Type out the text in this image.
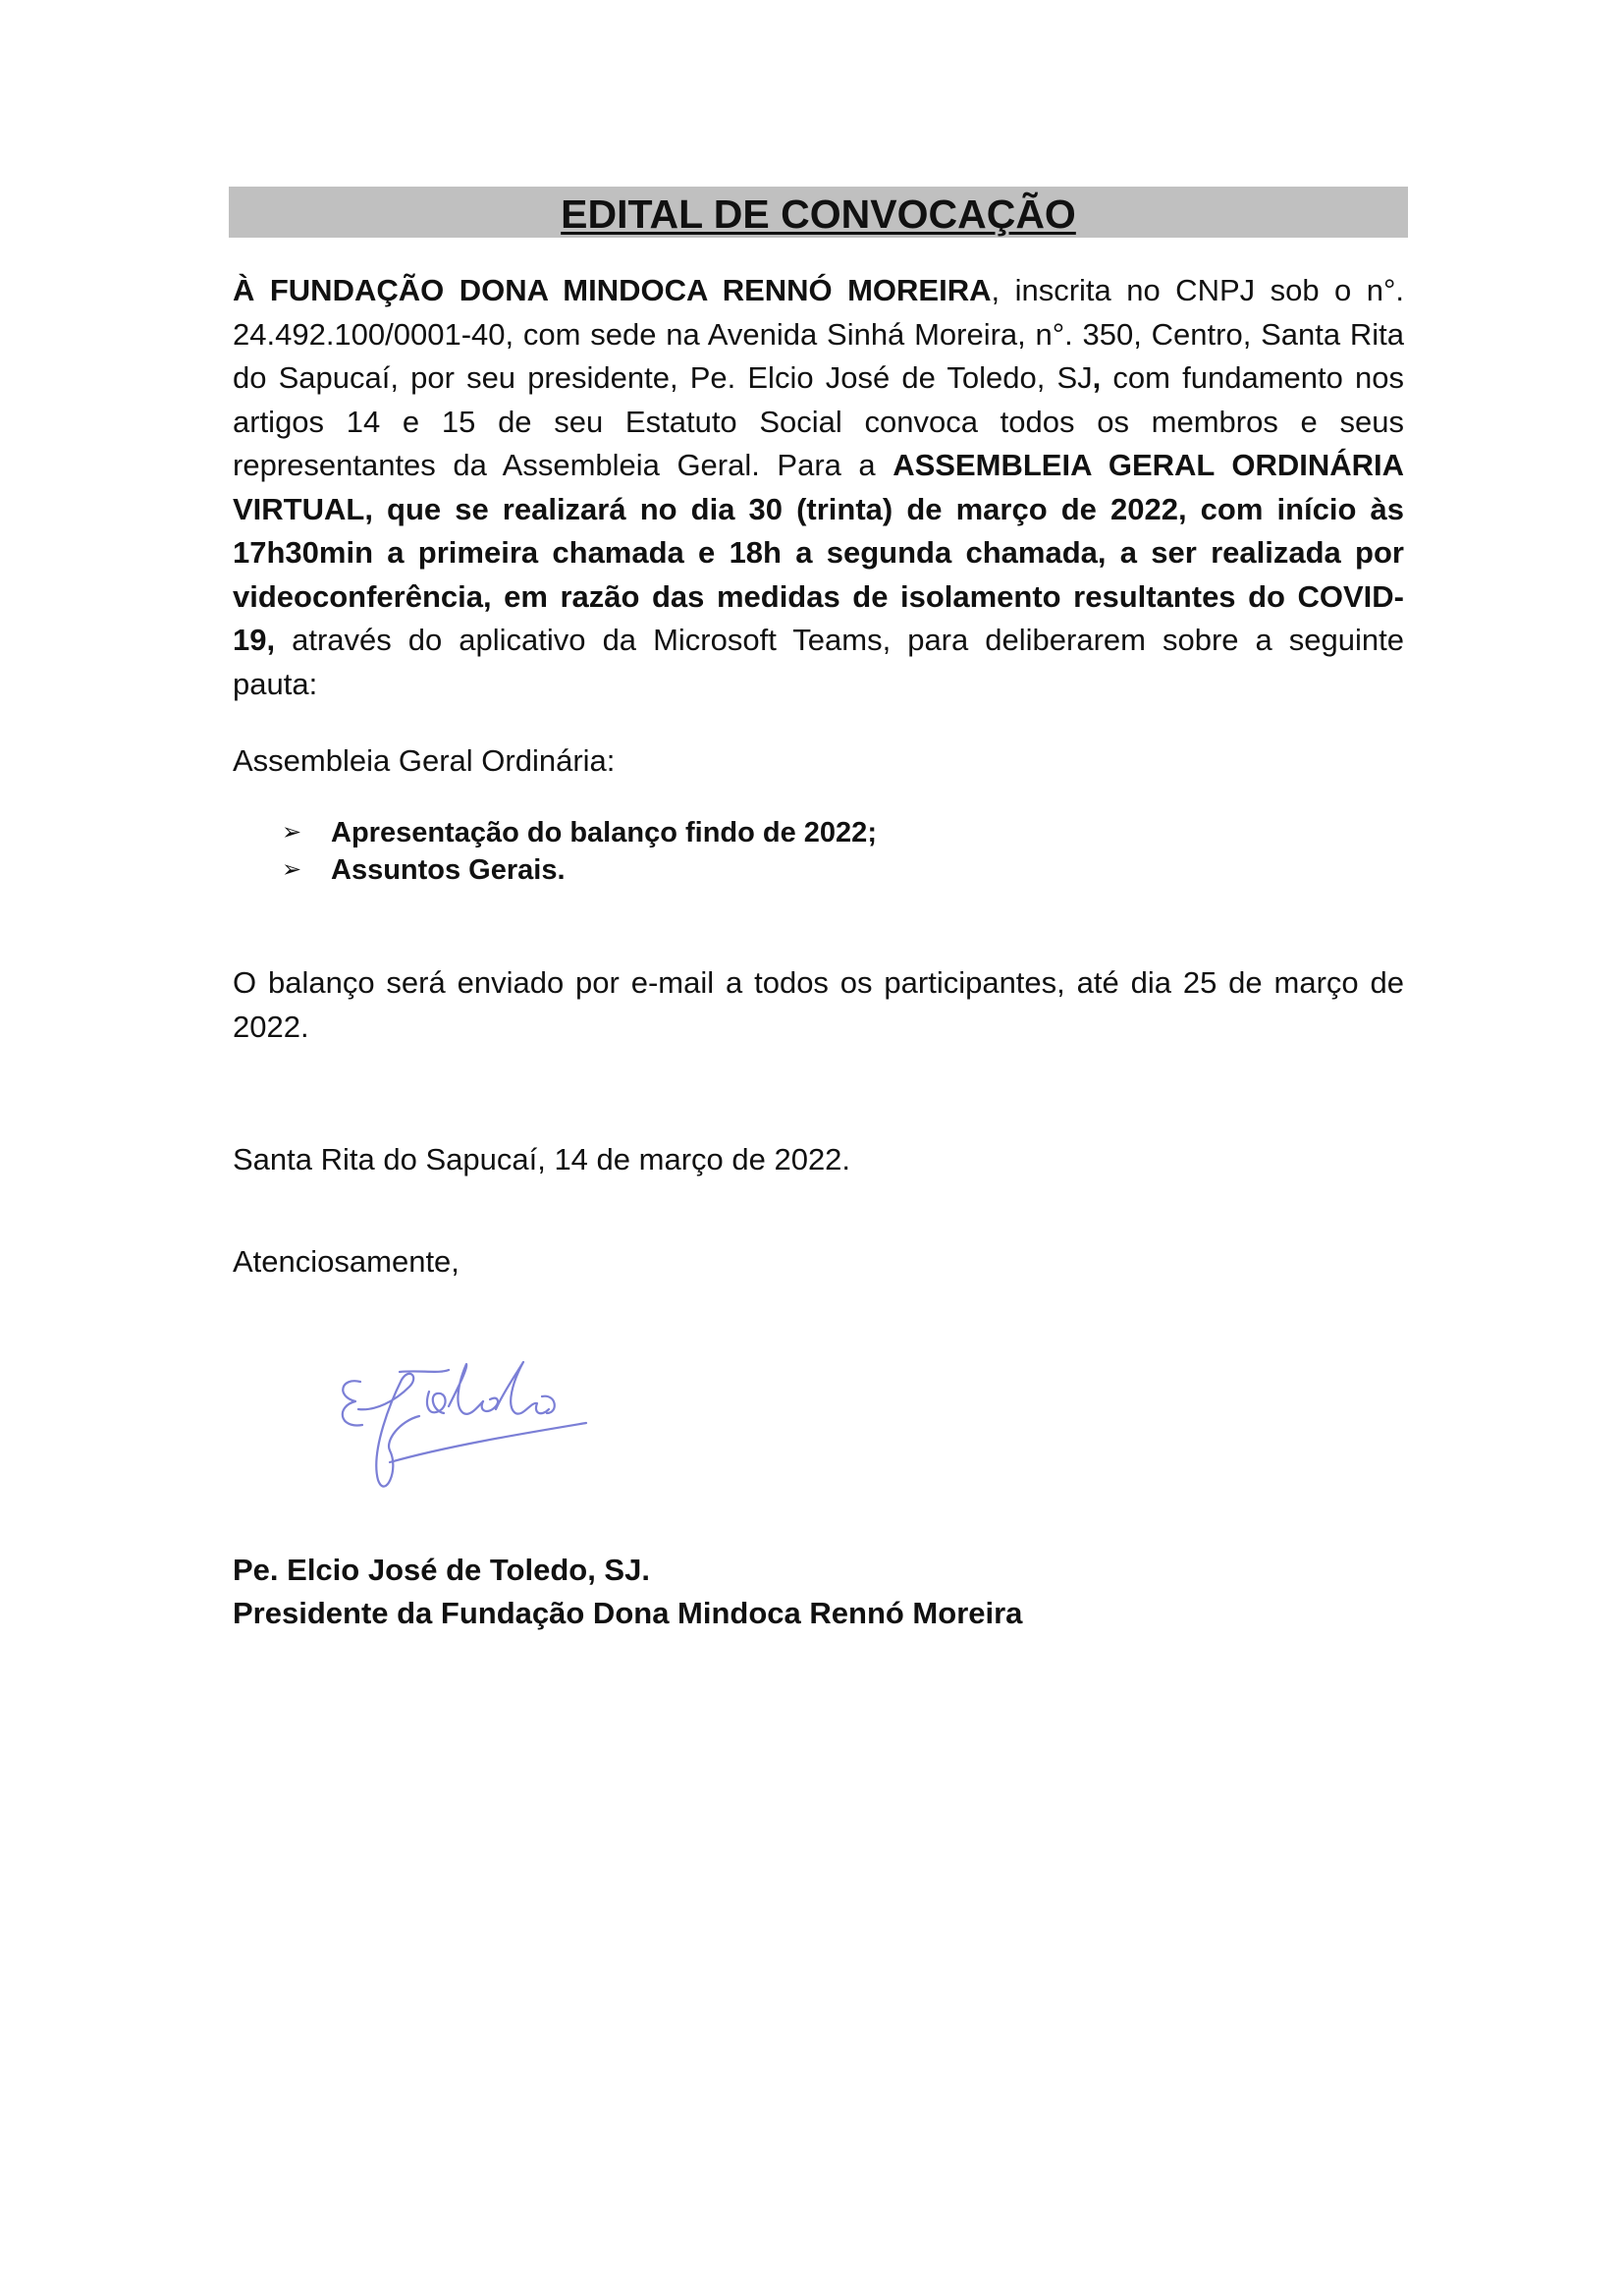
EDITAL DE CONVOCAÇÃO

À FUNDAÇÃO DONA MINDOCA RENNÓ MOREIRA, inscrita no CNPJ sob o n°. 24.492.100/0001-40, com sede na Avenida Sinhá Moreira, n°. 350, Centro, Santa Rita do Sapucaí, por seu presidente, Pe. Elcio José de Toledo, SJ, com fundamento nos artigos 14 e 15 de seu Estatuto Social convoca todos os membros e seus representantes da Assembleia Geral. Para a ASSEMBLEIA GERAL ORDINÁRIA VIRTUAL, que se realizará no dia 30 (trinta) de março de 2022, com início às 17h30min a primeira chamada e 18h a segunda chamada, a ser realizada por videoconferência, em razão das medidas de isolamento resultantes do COVID-19, através do aplicativo da Microsoft Teams, para deliberarem sobre a seguinte pauta:

Assembleia Geral Ordinária:
➢	Apresentação do balanço findo de 2022;
➢	Assuntos Gerais.

O balanço será enviado por e-mail a todos os participantes, até dia 25 de março de 2022.

Santa Rita do Sapucaí, 14 de março de 2022.
Atenciosamente,
Pe. Elcio José de Toledo, SJ.
Presidente da Fundação Dona Mindoca Rennó Moreira
